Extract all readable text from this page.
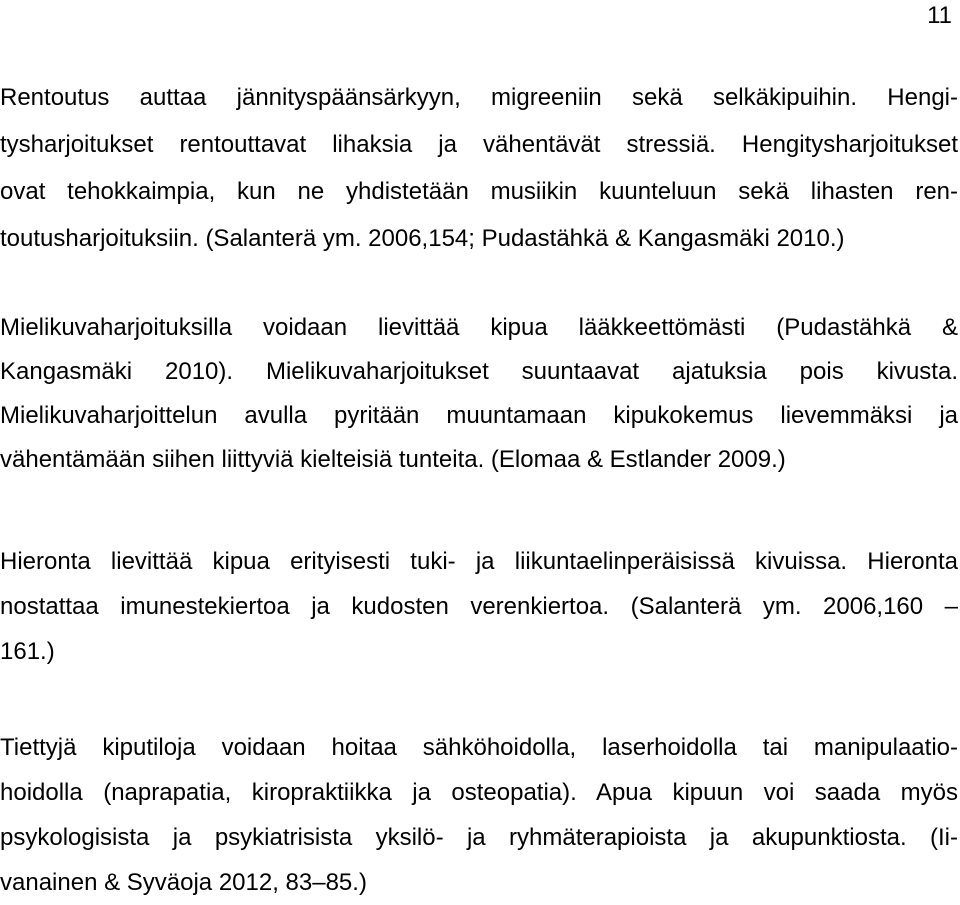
11
Rentoutus auttaa jännityspäänsärkyyn, migreeniin sekä selkäkipuihin. Hengi-
tysharjoitukset rentouttavat lihaksia ja vähentävät stressiä. Hengitysharjoitukset
ovat tehokkaimpia, kun ne yhdistetään musiikin kuunteluun sekä lihasten ren-
toutusharjoituksiin. (Salanterä ym. 2006,154; Pudastähkä & Kangasmäki 2010.)
Mielikuvaharjoituksilla voidaan lievittää kipua lääkkeettömästi (Pudastähkä &
Kangasmäki 2010). Mielikuvaharjoitukset suuntaavat ajatuksia pois kivusta.
Mielikuvaharjoittelun avulla pyritään muuntamaan kipukokemus lievemmäksi ja
vähentämään siihen liittyviä kielteisiä tunteita. (Elomaa & Estlander 2009.)
Hieronta lievittää kipua erityisesti tuki- ja liikuntaelinperäisissä kivuissa. Hieronta
nostattaa imunestekiertoa ja kudosten verenkiertoa. (Salanterä ym. 2006,160 –
161.)
Tiettyjä kiputiloja voidaan hoitaa sähköhoidolla, laserhoidolla tai manipulaatio-
hoidolla (naprapatia, kiropraktiikka ja osteopatia). Apua kipuun voi saada myös
psykologisista ja psykiatrisista yksilö- ja ryhmäterapioista ja akupunktiosta. (Ii-
vanainen & Syväoja 2012, 83–85.)
